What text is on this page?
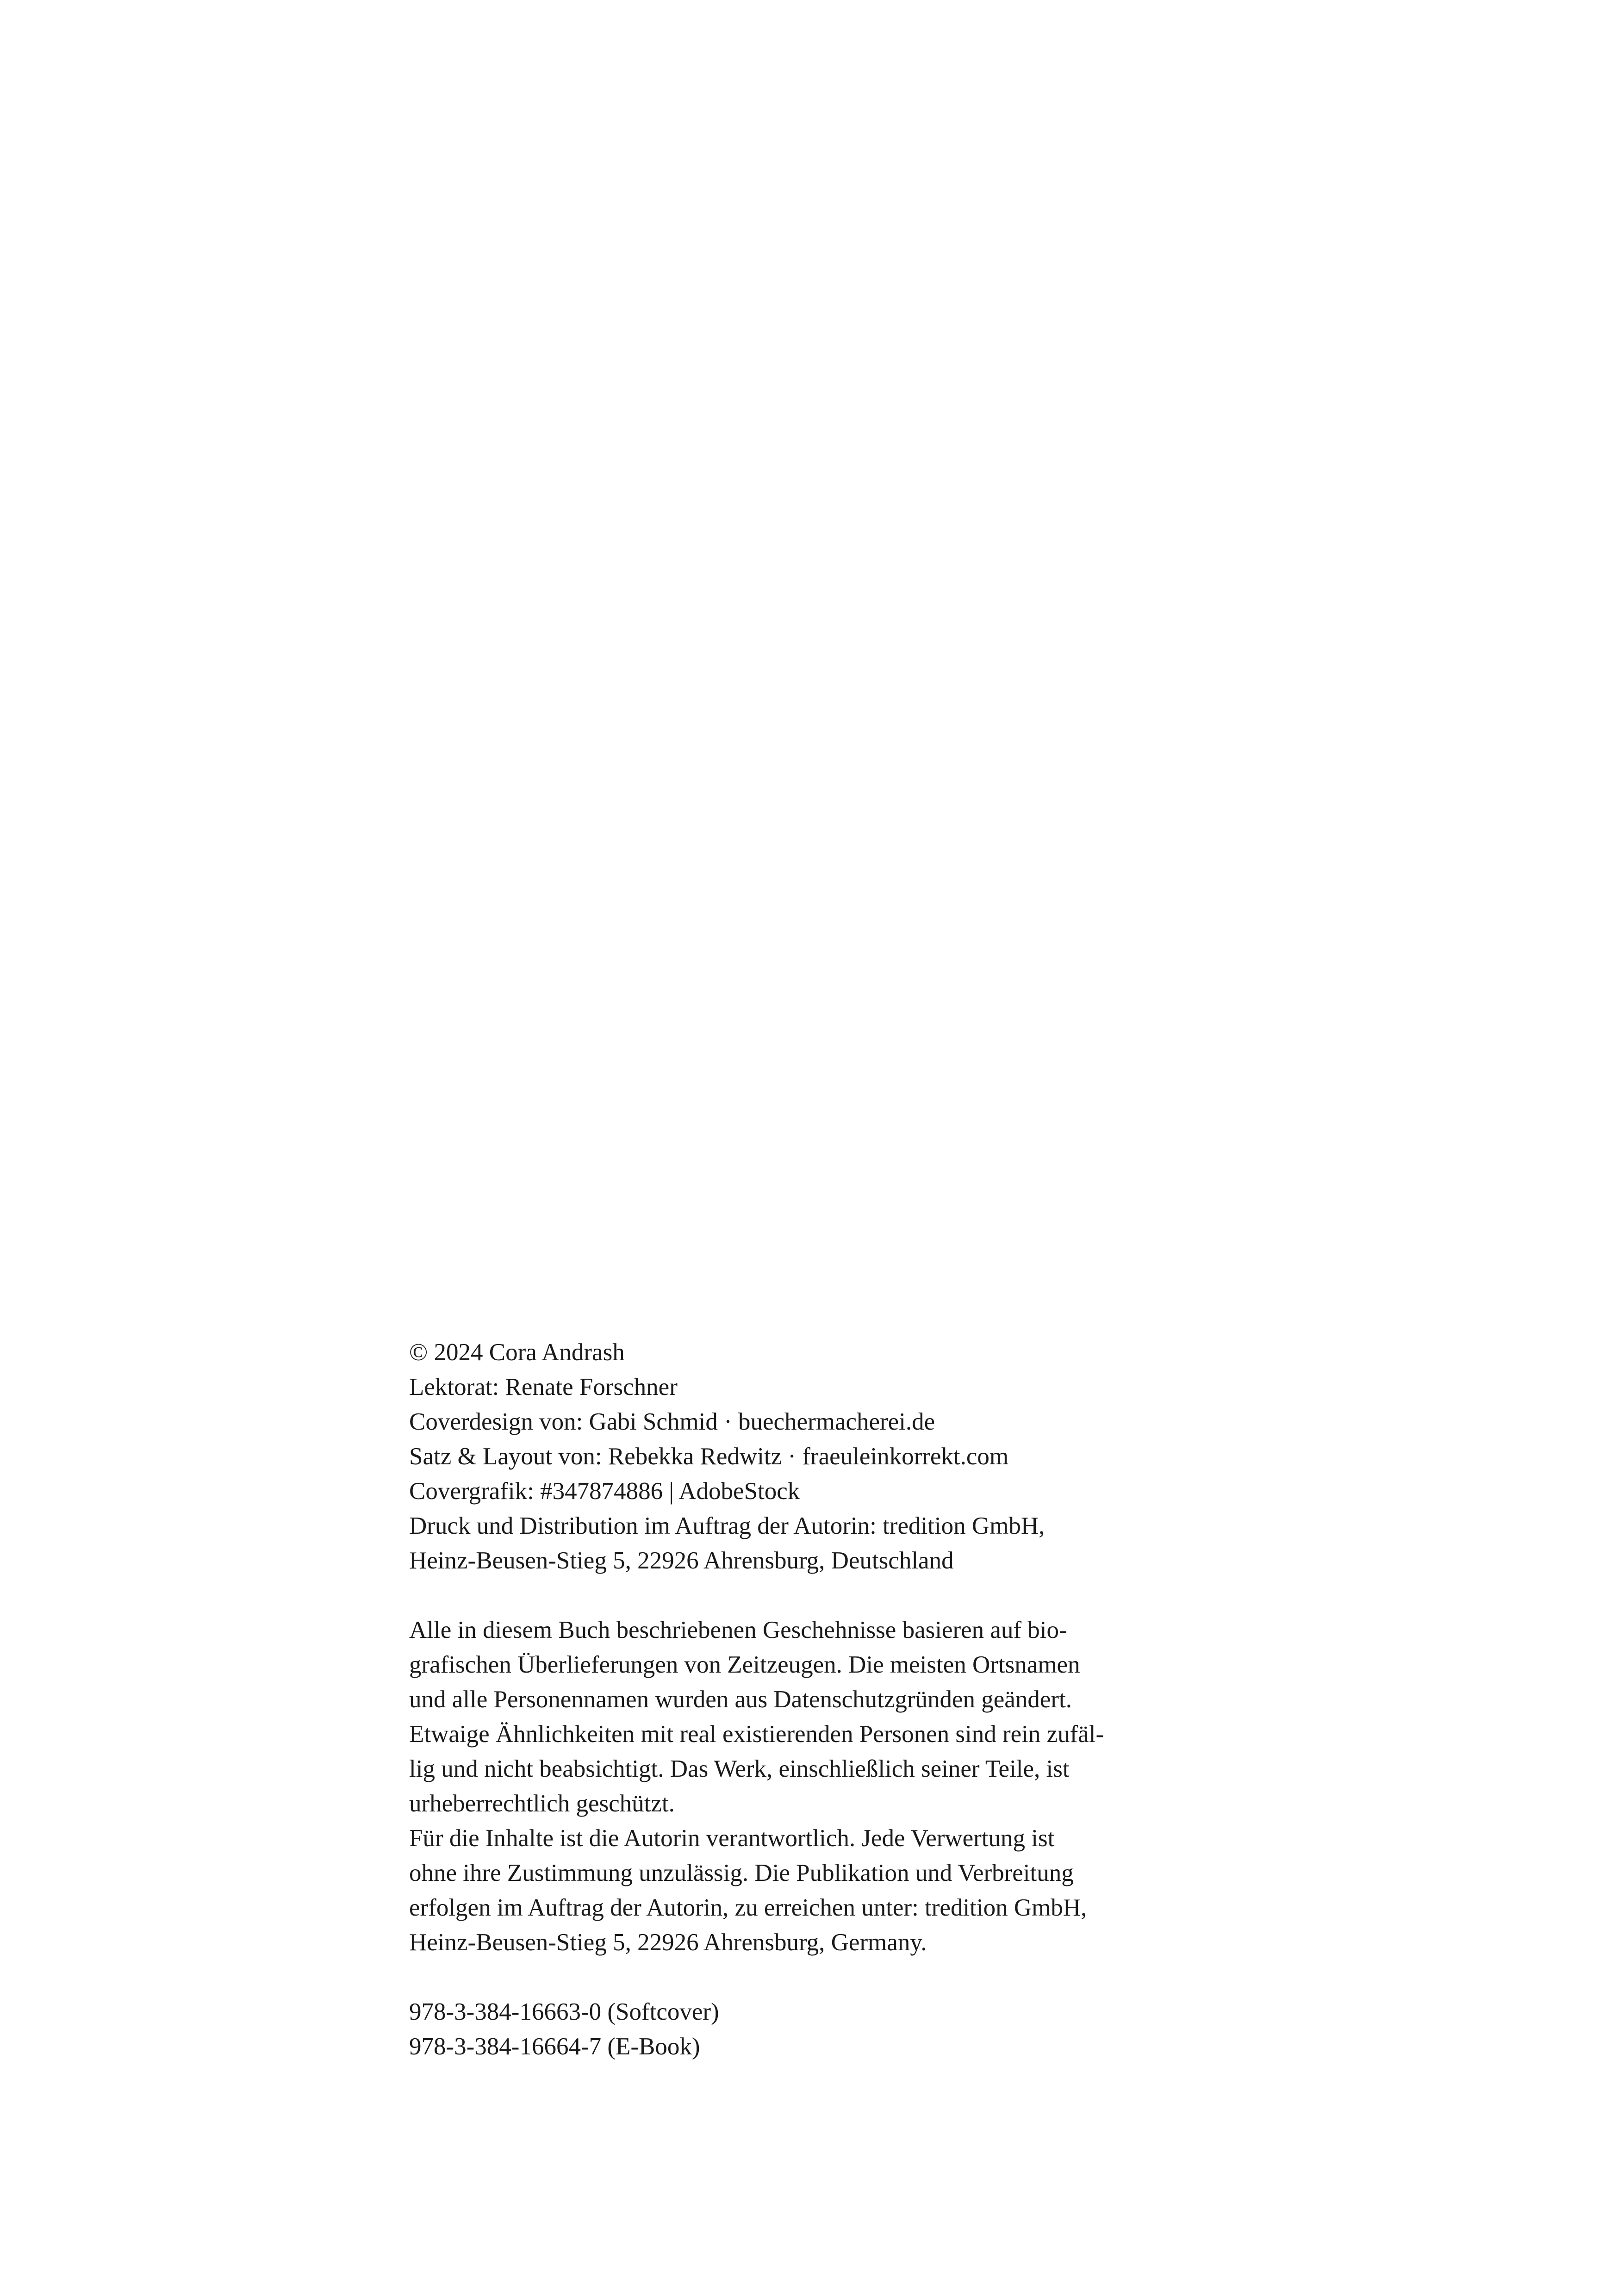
© 2024 Cora Andrash

Lektorat: Renate Forschner

Coverdesign von: Gabi Schmid · buechermacherei.de

Satz & Layout von: Rebekka Redwitz · fraeuleinkorrekt.com

Covergrafik: #347874886 | AdobeStock

Druck und Distribution im Auftrag der Autorin: tredition GmbH,

Heinz-Beusen-Stieg 5, 22926 Ahrensburg, Deutschland

Alle in diesem Buch beschriebenen Geschehnisse basieren auf bio-

grafischen Überlieferungen von Zeitzeugen. Die meisten Ortsnamen

und alle Personennamen wurden aus Datenschutzgründen geändert.

Etwaige Ähnlichkeiten mit real existierenden Personen sind rein zufäl-

lig und nicht beabsichtigt. Das Werk, einschließlich seiner Teile, ist

urheberrechtlich geschützt.

Für die Inhalte ist die Autorin verantwortlich. Jede Verwertung ist

ohne ihre Zustimmung unzulässig. Die Publikation und Verbreitung

erfolgen im Auftrag der Autorin, zu erreichen unter: tredition GmbH,

Heinz-Beusen-Stieg 5, 22926 Ahrensburg, Germany.

978-3-384-16663-0 (Softcover)

978-3-384-16664-7 (E-Book)
